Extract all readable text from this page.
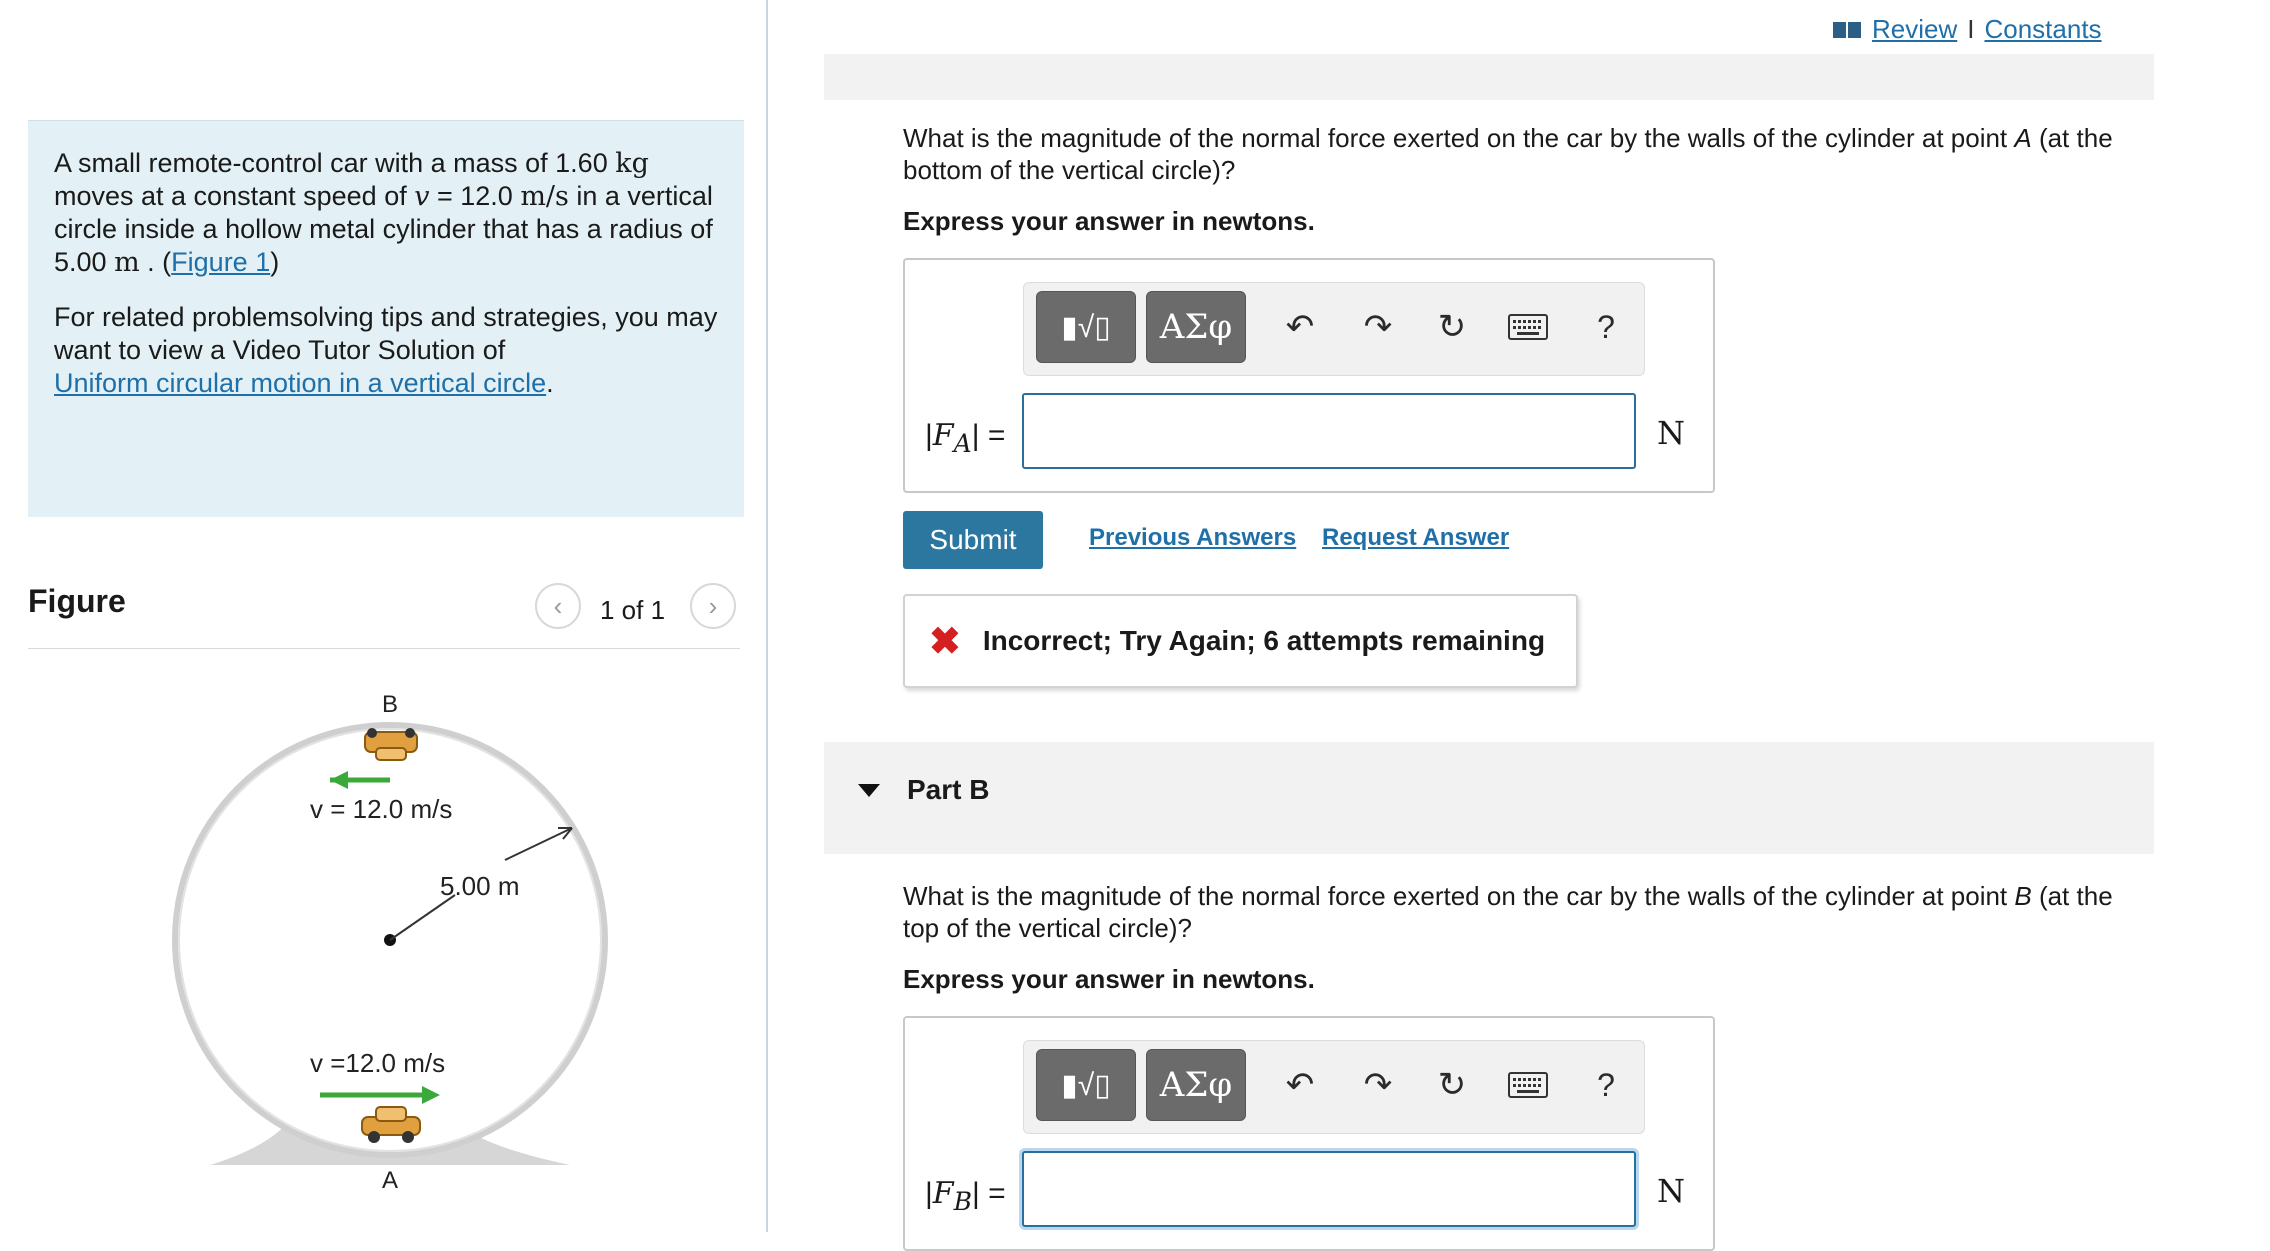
A small remote-control car with a mass of 1.60 kg moves at a constant speed of v = 12.0 m/s in a vertical circle inside a hollow metal cylinder that has a radius of 5.00 m . (Figure 1)

For related problemsolving tips and strategies, you may want to view a Video Tutor Solution of
Uniform circular motion in a vertical circle.

Figure	‹ 1 of 1 ›
5.00 m
B
v = 12.0 m/s
v =12.0 m/s
A
Review I Constants
What is the magnitude of the normal force exerted on the car by the walls of the cylinder at point A (at the bottom of the vertical circle)?
Express your answer in newtons.
▮√▯ ΑΣφ ↶ ↷ ↻	?
$|F_A|$ =	N
Submit	Previous Answers Request Answer
✖ Incorrect; Try Again; 6 attempts remaining
Part B
What is the magnitude of the normal force exerted on the car by the walls of the cylinder at point B (at the top of the vertical circle)?
Express your answer in newtons.
▮√▯ ΑΣφ ↶ ↷ ↻	?
$|F_B|$ =	N
